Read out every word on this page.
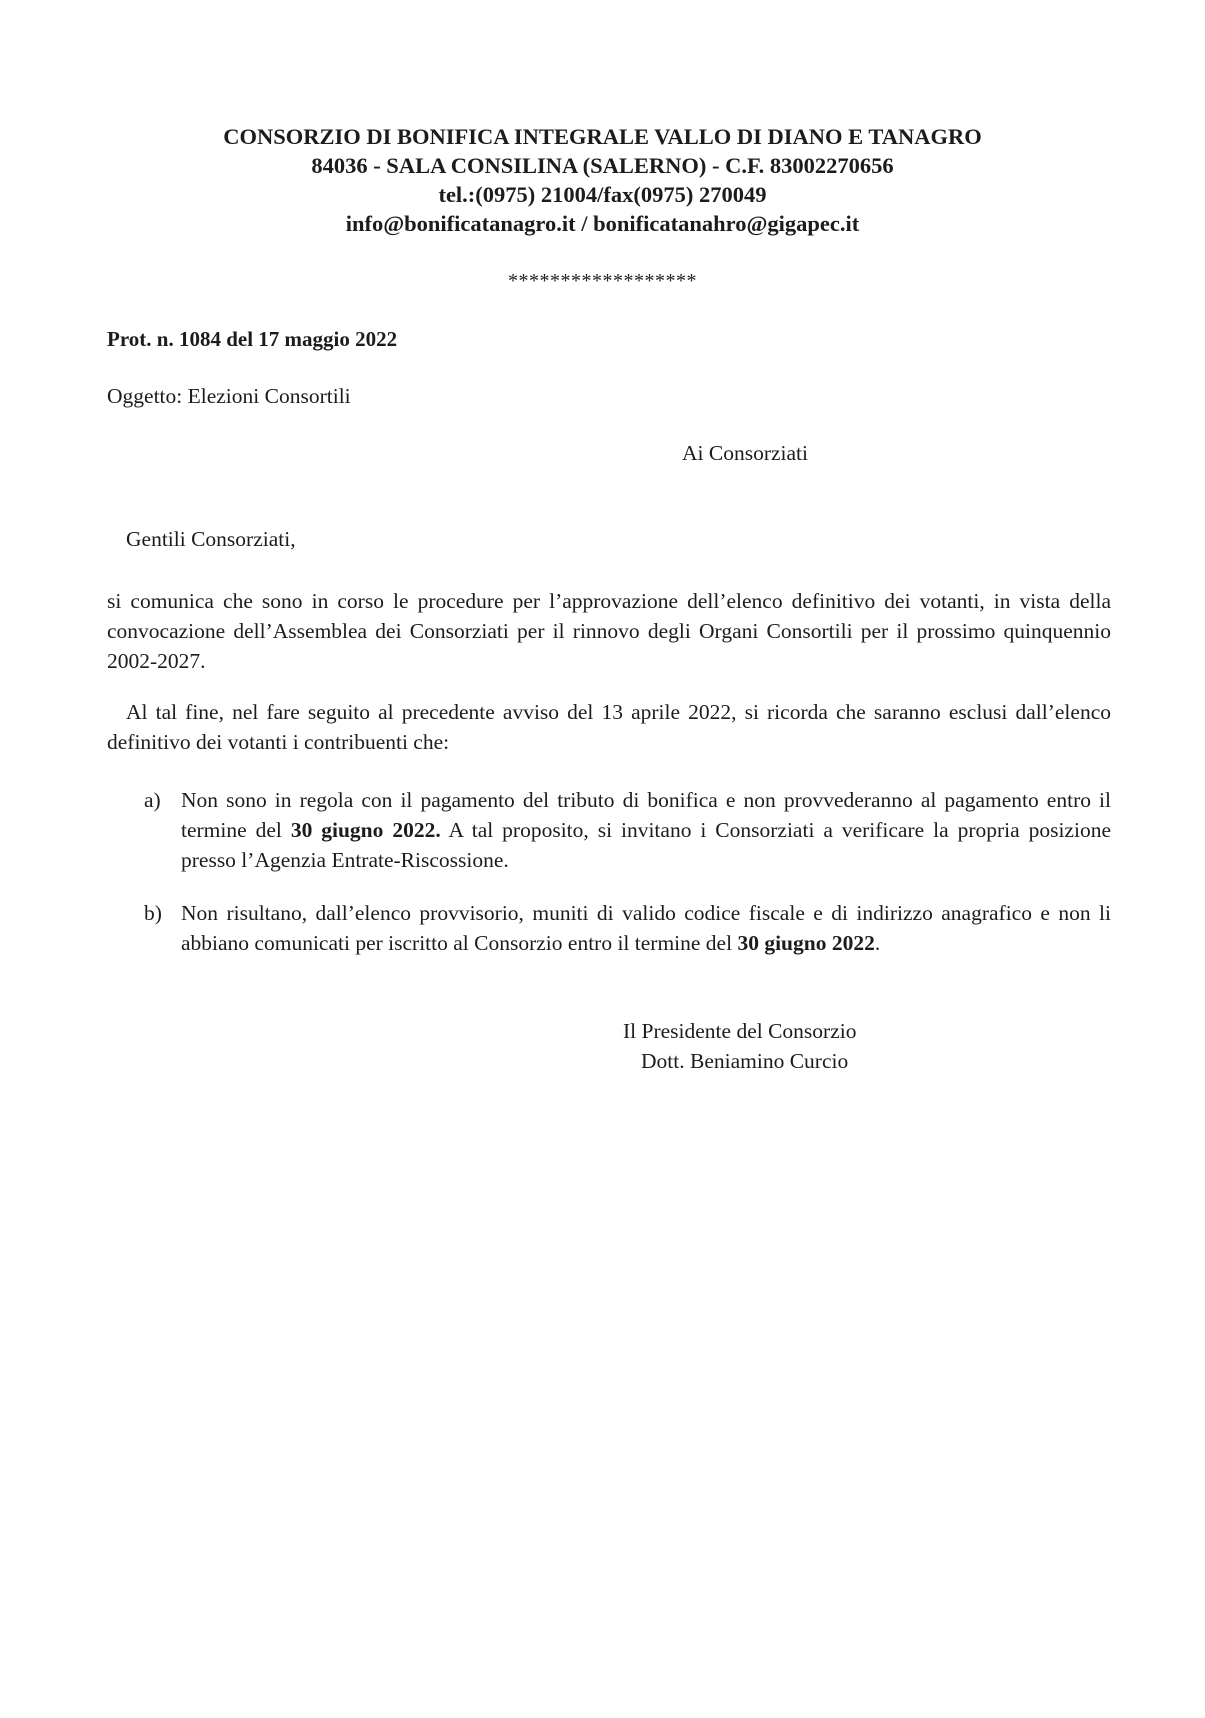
CONSORZIO DI BONIFICA INTEGRALE VALLO DI DIANO E TANAGRO
84036 - SALA CONSILINA (SALERNO) - C.F. 83002270656
tel.:(0975) 21004/fax(0975) 270049
info@bonificatanagro.it / bonificatanahro@gigapec.it
******************
Prot. n. 1084 del 17 maggio 2022
Oggetto: Elezioni Consortili
Ai Consorziati
Gentili Consorziati,
si comunica che sono in corso le procedure per l’approvazione dell’elenco definitivo dei votanti, in vista della convocazione dell’Assemblea dei Consorziati per il rinnovo degli Organi Consortili per il prossimo quinquennio 2002-2027.
Al tal fine, nel fare seguito al precedente avviso del 13 aprile 2022, si ricorda che saranno esclusi dall’elenco definitivo dei votanti i contribuenti che:
a) Non sono in regola con il pagamento del tributo di bonifica e non provvederanno al pagamento entro il termine del 30 giugno 2022. A tal proposito, si invitano i Consorziati a verificare la propria posizione presso l’Agenzia Entrate-Riscossione.
b) Non risultano, dall’elenco provvisorio, muniti di valido codice fiscale e di indirizzo anagrafico e non li abbiano comunicati per iscritto al Consorzio entro il termine del 30 giugno 2022.
Il Presidente del Consorzio
Dott. Beniamino Curcio
